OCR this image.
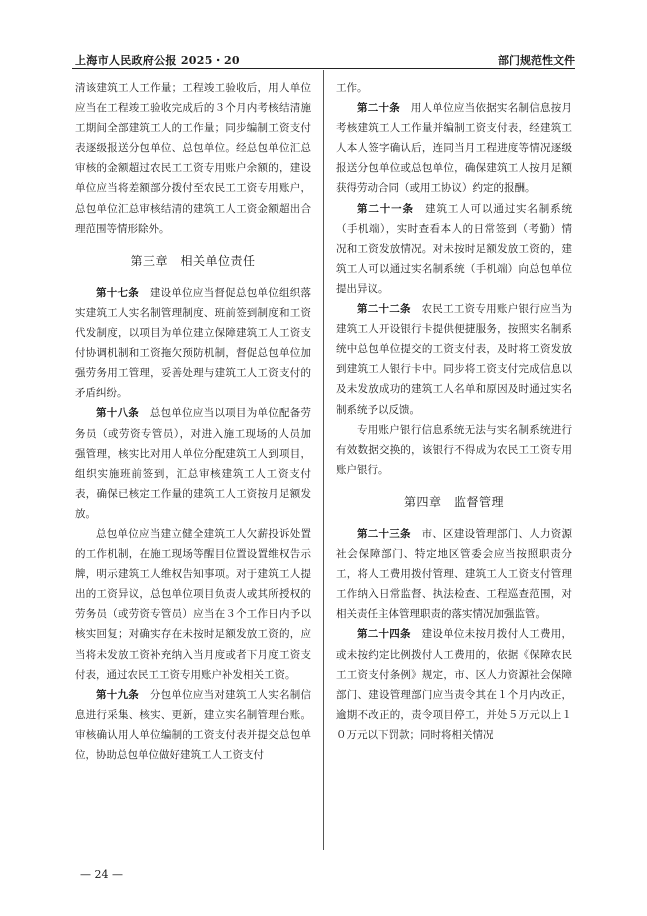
上海市人民政府公报 2025・20	部门规范性文件

清该建筑工人工作量；工程竣工验收后，用人单位应当在工程竣工验收完成后的３个月内考核结清施工期间全部建筑工人的工作量；同步编制工资支付表逐级报送分包单位、总包单位。经总包单位汇总审核的金额超过农民工工资专用账户余额的，建设单位应当将差额部分拨付至农民工工资专用账户，总包单位汇总审核结清的建筑工人工资金额超出合理范围等情形除外。

第三章　相关单位责任

第十七条　建设单位应当督促总包单位组织落实建筑工人实名制管理制度、班前签到制度和工资代发制度，以项目为单位建立保障建筑工人工资支付协调机制和工资拖欠预防机制，督促总包单位加强劳务用工管理，妥善处理与建筑工人工资支付的矛盾纠纷。

第十八条　总包单位应当以项目为单位配备劳务员（或劳资专管员），对进入施工现场的人员加强管理，核实比对用人单位分配建筑工人到项目，组织实施班前签到，汇总审核建筑工人工资支付表，确保已核定工作量的建筑工人工资按月足额发放。

总包单位应当建立健全建筑工人欠薪投诉处置的工作机制，在施工现场等醒目位置设置维权告示牌，明示建筑工人维权告知事项。对于建筑工人提出的工资异议，总包单位项目负责人或其所授权的劳务员（或劳资专管员）应当在３个工作日内予以核实回复；对确实存在未按时足额发放工资的，应当将未发放工资补充纳入当月度或者下月度工资支付表，通过农民工工资专用账户补发相关工资。

第十九条　分包单位应当对建筑工人实名制信息进行采集、核实、更新，建立实名制管理台账。审核确认用人单位编制的工资支付表并提交总包单位，协助总包单位做好建筑工人工资支付

工作。

第二十条　用人单位应当依据实名制信息按月考核建筑工人工作量并编制工资支付表，经建筑工人本人签字确认后，连同当月工程进度等情况逐级报送分包单位或总包单位，确保建筑工人按月足额获得劳动合同（或用工协议）约定的报酬。

第二十一条　建筑工人可以通过实名制系统（手机端），实时查看本人的日常签到（考勤）情况和工资发放情况。对未按时足额发放工资的，建筑工人可以通过实名制系统（手机端）向总包单位提出异议。

第二十二条　农民工工资专用账户银行应当为建筑工人开设银行卡提供便捷服务，按照实名制系统中总包单位提交的工资支付表，及时将工资发放到建筑工人银行卡中。同步将工资支付完成信息以及未发放成功的建筑工人名单和原因及时通过实名制系统予以反馈。

专用账户银行信息系统无法与实名制系统进行有效数据交换的，该银行不得成为农民工工资专用账户银行。

第四章　监督管理

第二十三条　市、区建设管理部门、人力资源社会保障部门、特定地区管委会应当按照职责分工，将人工费用拨付管理、建筑工人工资支付管理工作纳入日常监督、执法检查、工程巡查范围，对相关责任主体管理职责的落实情况加强监管。

第二十四条　建设单位未按月拨付人工费用，或未按约定比例拨付人工费用的，依据《保障农民工工资支付条例》规定，市、区人力资源社会保障部门、建设管理部门应当责令其在１个月内改正，逾期不改正的，责令项目停工，并处５万元以上１０万元以下罚款；同时将相关情况

— 24 —
